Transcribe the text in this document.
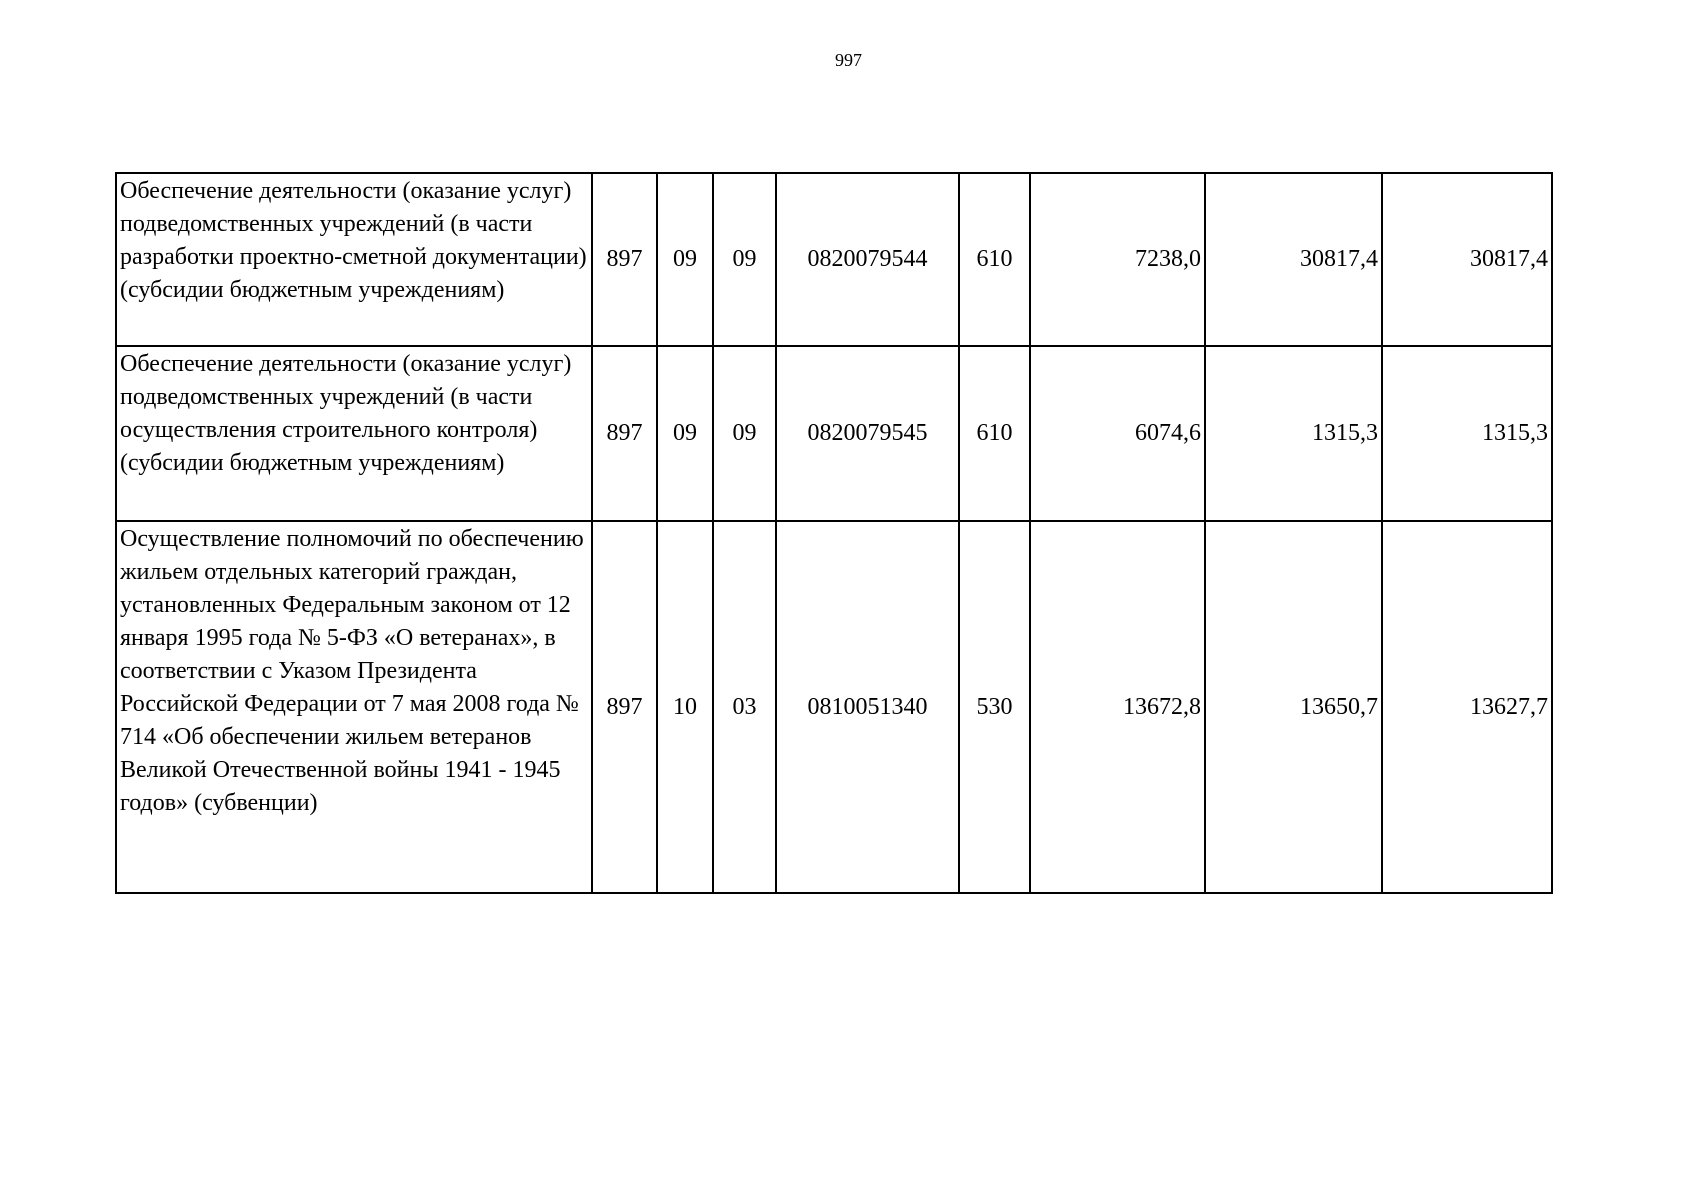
997
Обеспечение деятельности (оказание услуг) подведомственных учреждений (в части разработки проектно-сметной документации) (субсидии бюджетным учреждениям)	897	09	09	0820079544	610	7238,0	30817,4	30817,4
Обеспечение деятельности (оказание услуг) подведомственных учреждений (в части осуществления строительного контроля) (субсидии бюджетным учреждениям)	897	09	09	0820079545	610	6074,6	1315,3	1315,3
Осуществление полномочий по обеспечению жильем отдельных категорий граждан, установленных Федеральным законом от 12 января 1995 года № 5-ФЗ «О ветеранах», в соответствии с Указом Президента Российской Федерации от 7 мая 2008 года № 714 «Об обеспечении жильем ветеранов Великой Отечественной войны 1941 - 1945 годов» (субвенции)	897	10	03	0810051340	530	13672,8	13650,7	13627,7
